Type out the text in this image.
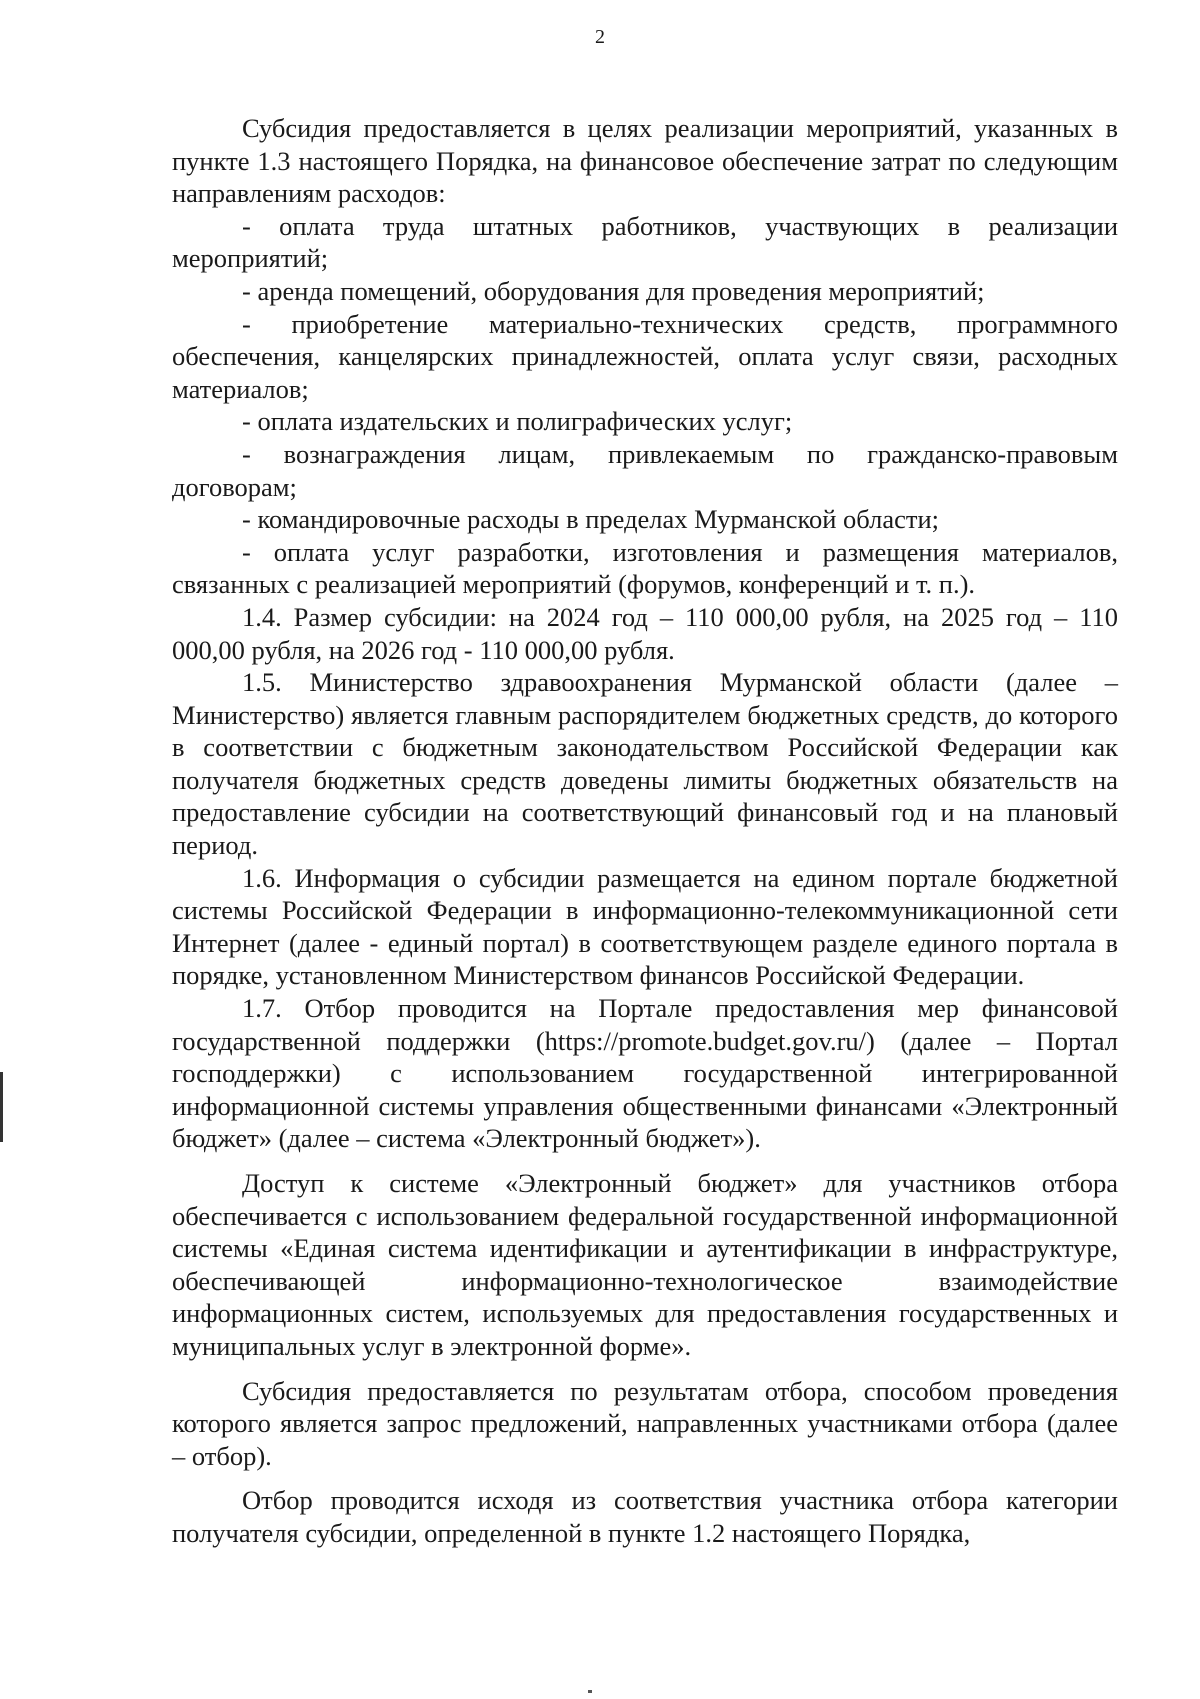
2

Субсидия предоставляется в целях реализации мероприятий, указанных в пункте 1.3 настоящего Порядка, на финансовое обеспечение затрат по следующим направлениям расходов:

- оплата труда штатных работников, участвующих в реализации мероприятий;

- аренда помещений, оборудования для проведения мероприятий;

- приобретение материально-технических средств, программного обеспечения, канцелярских принадлежностей, оплата услуг связи, расходных материалов;

- оплата издательских и полиграфических услуг;

- вознаграждения лицам, привлекаемым по гражданско-правовым договорам;

- командировочные расходы в пределах Мурманской области;

- оплата услуг разработки, изготовления и размещения материалов, связанных с реализацией мероприятий (форумов, конференций и т. п.).

1.4. Размер субсидии: на 2024 год – 110 000,00 рубля, на 2025 год – 110 000,00 рубля, на 2026 год - 110 000,00 рубля.

1.5. Министерство здравоохранения Мурманской области (далее – Министерство) является главным распорядителем бюджетных средств, до которого в соответствии с бюджетным законодательством Российской Федерации как получателя бюджетных средств доведены лимиты бюджетных обязательств на предоставление субсидии на соответствующий финансовый год и на плановый период.

1.6. Информация о субсидии размещается на едином портале бюджетной системы Российской Федерации в информационно-телекоммуникационной сети Интернет (далее - единый портал) в соответствующем разделе единого портала в порядке, установленном Министерством финансов Российской Федерации.

1.7. Отбор проводится на Портале предоставления мер финансовой государственной поддержки (https://promote.budget.gov.ru/) (далее – Портал господдержки) с использованием государственной интегрированной информационной системы управления общественными финансами «Электронный бюджет» (далее – система «Электронный бюджет»).

Доступ к системе «Электронный бюджет» для участников отбора обеспечивается с использованием федеральной государственной информационной системы «Единая система идентификации и аутентификации в инфраструктуре, обеспечивающей информационно-технологическое взаимодействие информационных систем, используемых для предоставления государственных и муниципальных услуг в электронной форме».

Субсидия предоставляется по результатам отбора, способом проведения которого является запрос предложений, направленных участниками отбора (далее – отбор).

Отбор проводится исходя из соответствия участника отбора категории получателя субсидии, определенной в пункте 1.2 настоящего Порядка,
